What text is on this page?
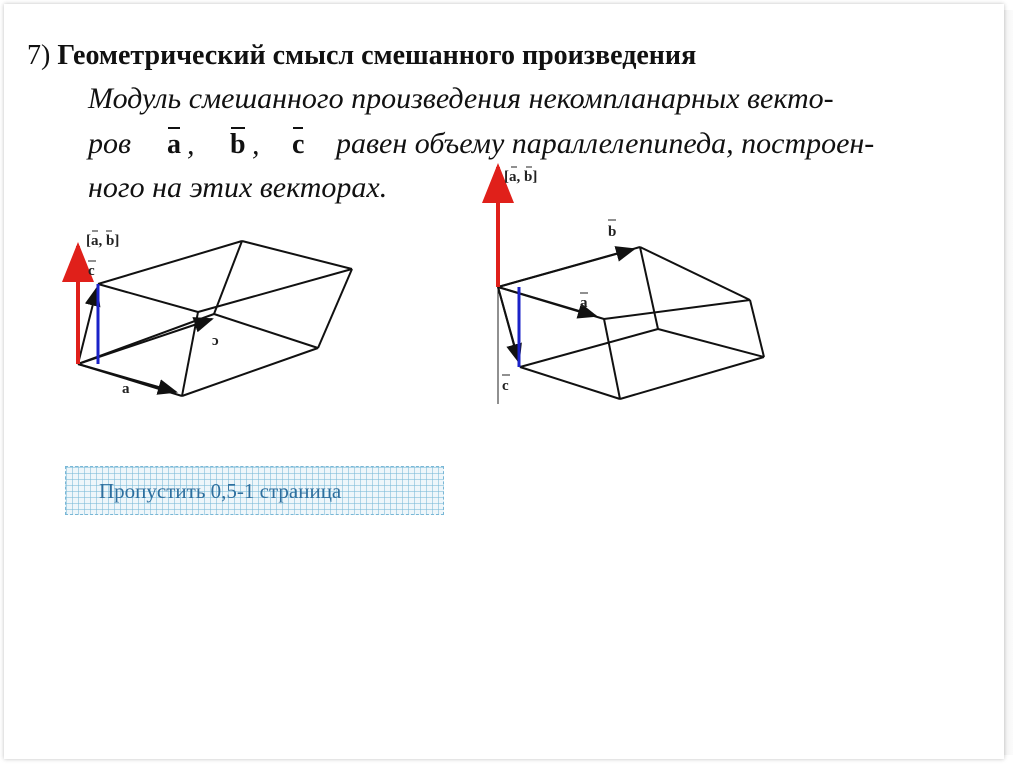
7) Геометрический смысл смешанного произведения
Модуль смешанного произведения некомпланарных векто-
ров a , b , c равен объему параллелепипеда, построен-
ного на этих векторах.
[a, b]
c
a
ɔ
[a, b]
b
a
c
Пропустить 0,5-1 страница
